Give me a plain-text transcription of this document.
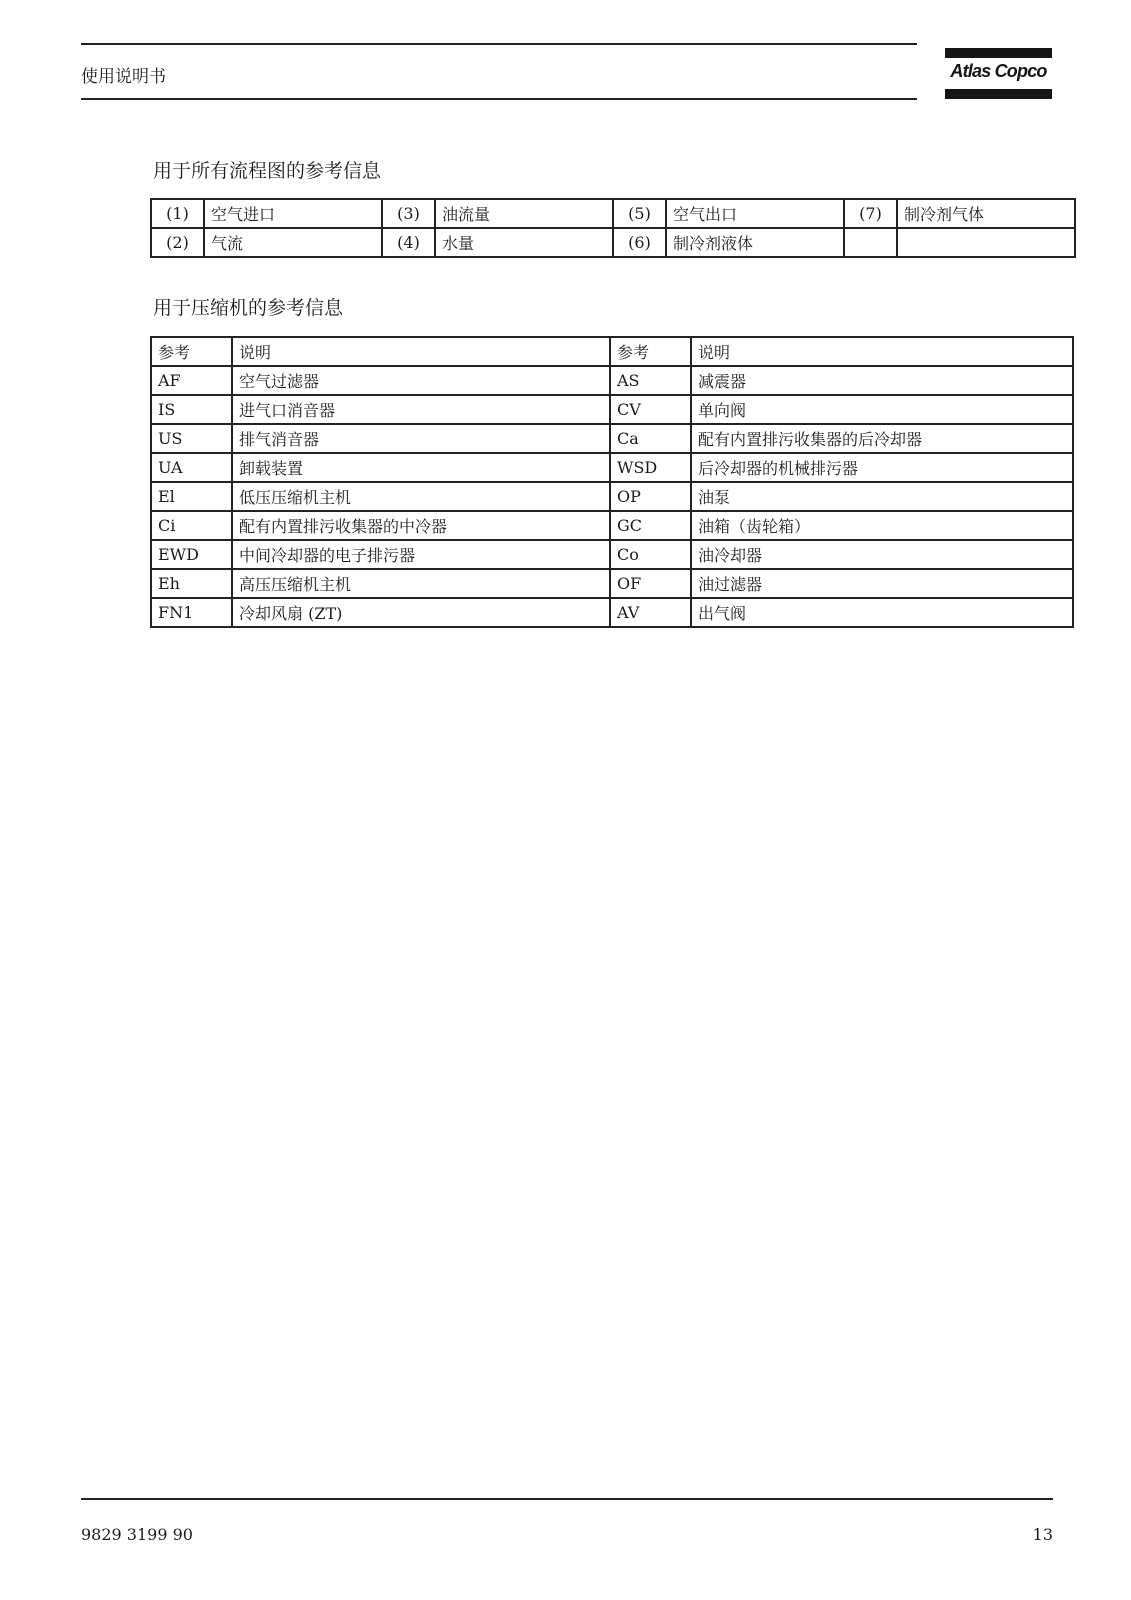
使用说明书	Atlas Copco
用于所有流程图的参考信息
(1)	空气进口	(3)	油流量	(5)	空气出口	(7)	制冷剂气体
(2)	气流	(4)	水量	(6)	制冷剂液体		
用于压缩机的参考信息
参考	说明	参考	说明
AF	空气过滤器	AS	减震器
IS	进气口消音器	CV	单向阀
US	排气消音器	Ca	配有内置排污收集器的后冷却器
UA	卸载装置	WSD	后冷却器的机械排污器
El	低压压缩机主机	OP	油泵
Ci	配有内置排污收集器的中冷器	GC	油箱（齿轮箱）
EWD	中间冷却器的电子排污器	Co	油冷却器
Eh	高压压缩机主机	OF	油过滤器
FN1	冷却风扇 (ZT)	AV	出气阀
9829 3199 90	13
